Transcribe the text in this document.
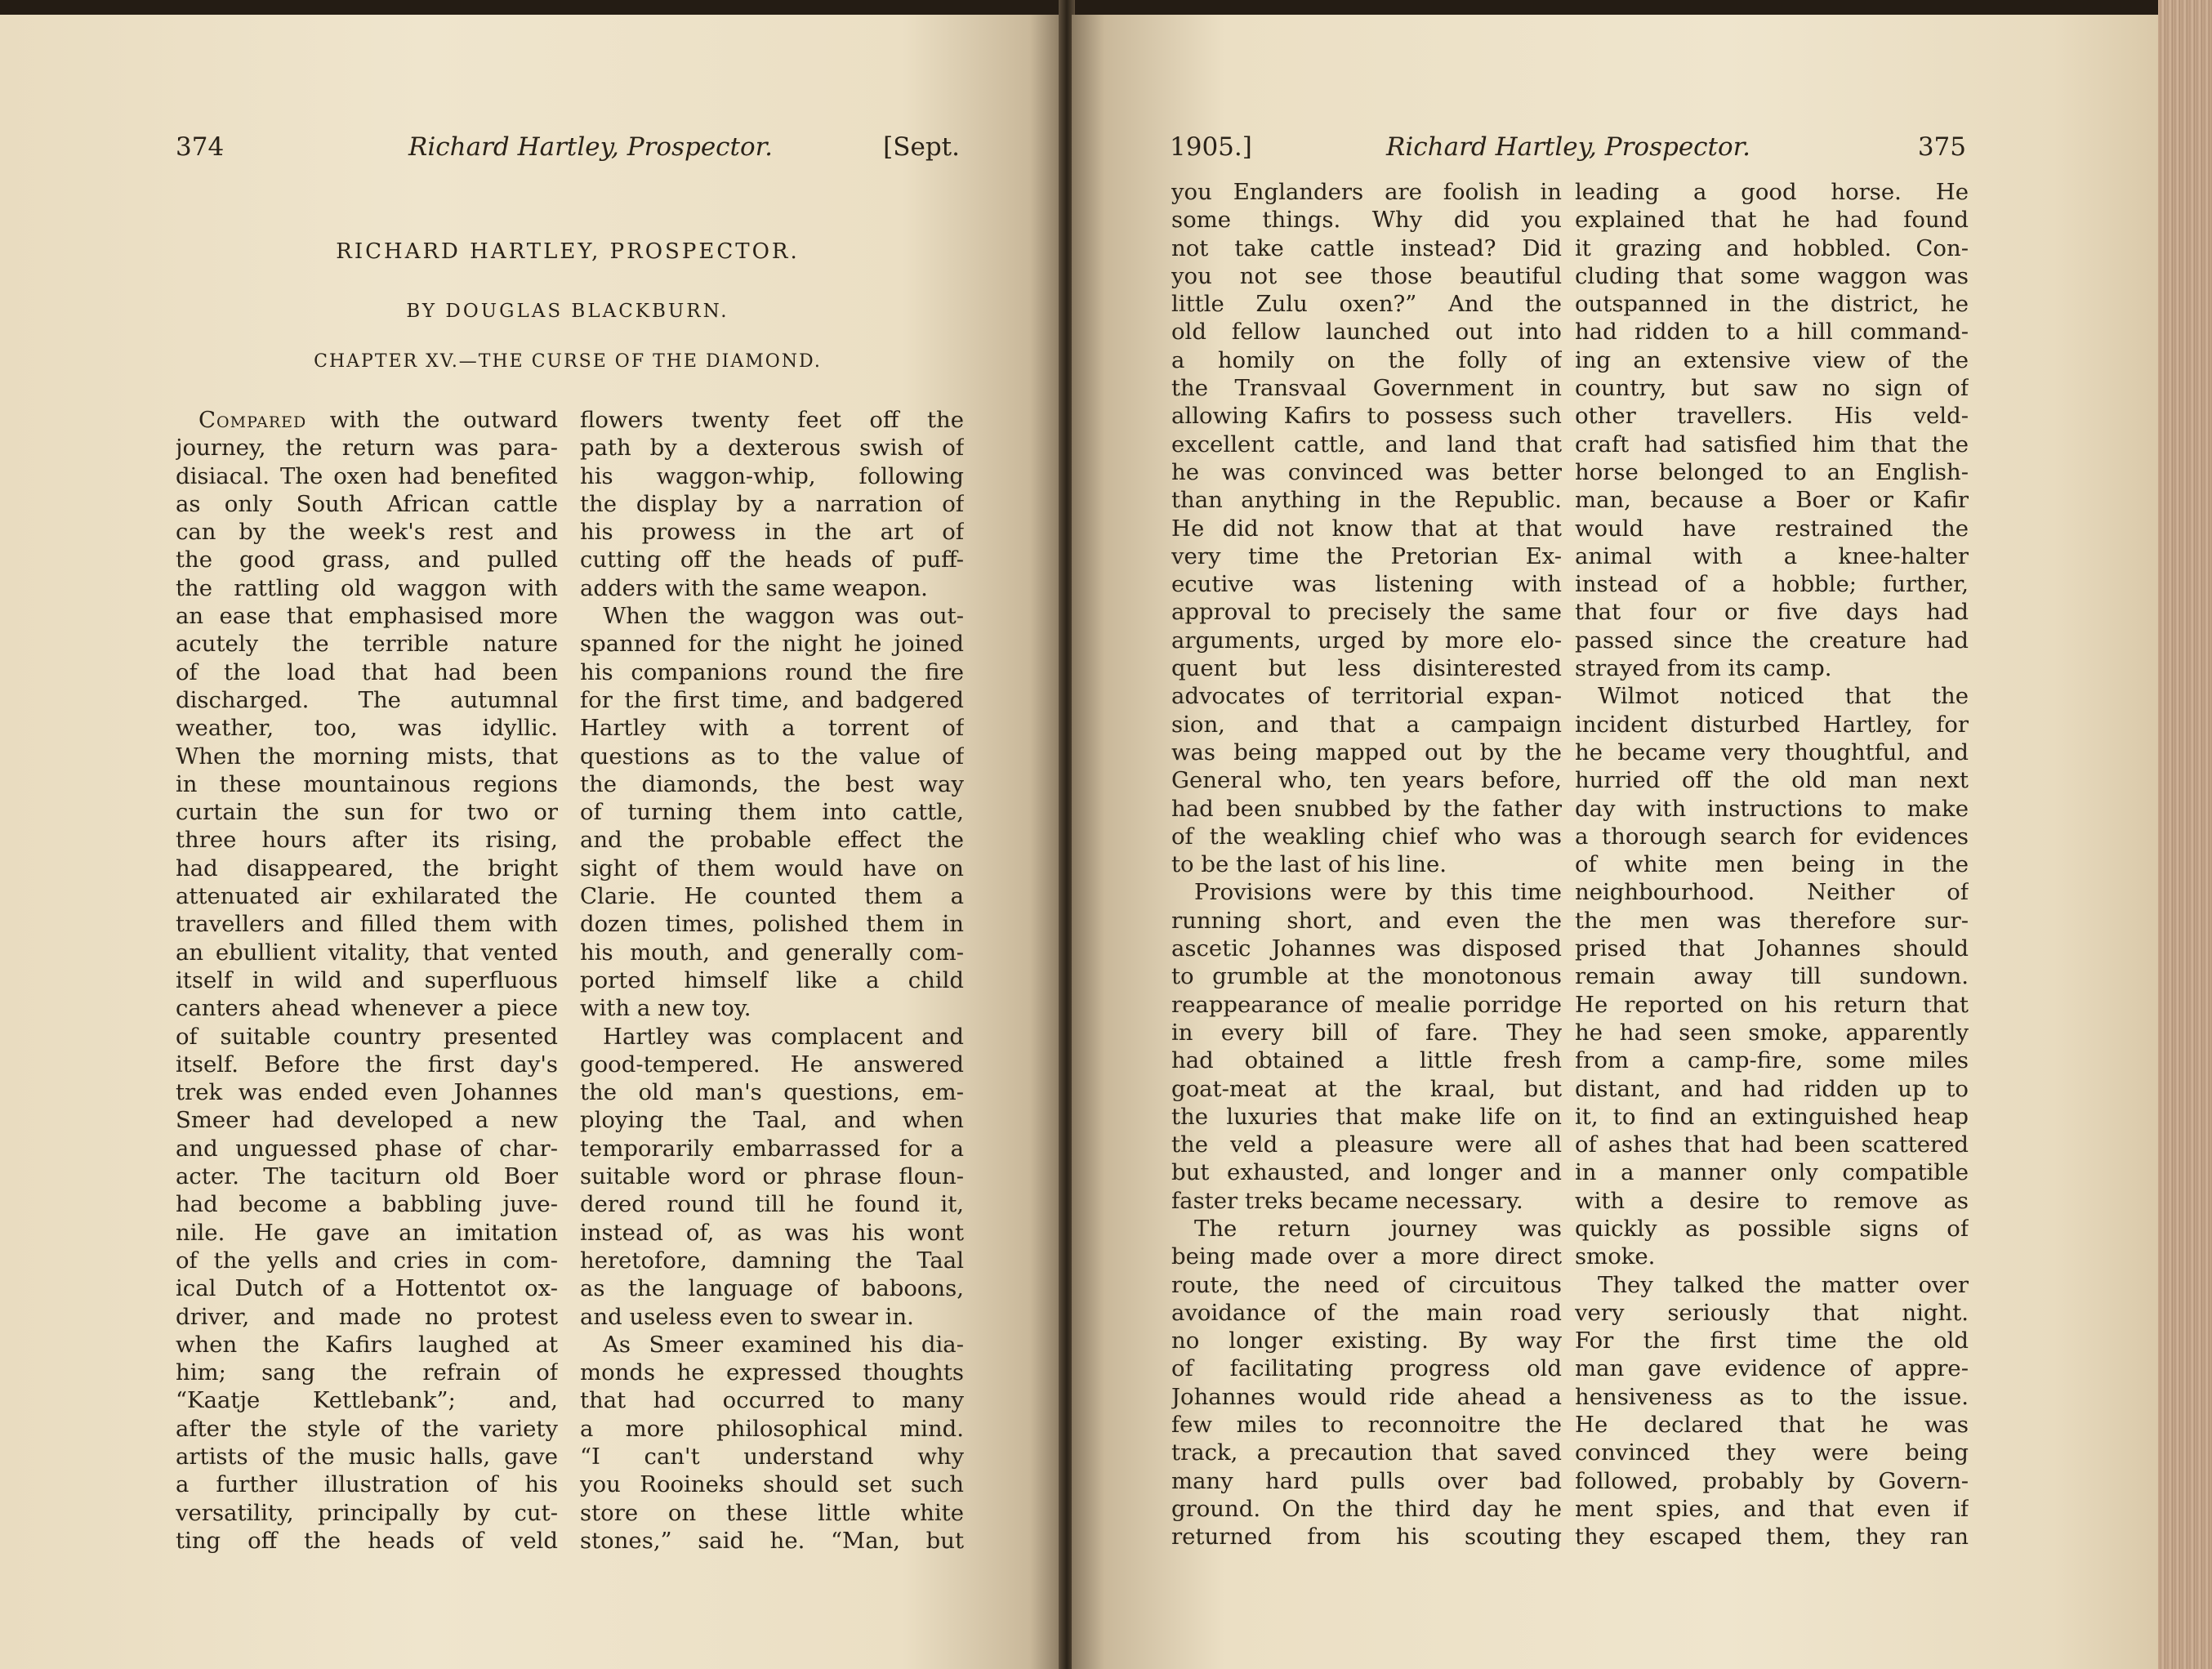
374	Richard Hartley, Prospector.	[Sept.
RICHARD HARTLEY, PROSPECTOR.
BY DOUGLAS BLACKBURN.
CHAPTER XV.—THE CURSE OF THE DIAMOND.
Compared with the outward
journey, the return was para-
disiacal. The oxen had benefited
as only South African cattle
can by the week's rest and
the good grass, and pulled
the rattling old waggon with
an ease that emphasised more
acutely the terrible nature
of the load that had been
discharged. The autumnal
weather, too, was idyllic.
When the morning mists, that
in these mountainous regions
curtain the sun for two or
three hours after its rising,
had disappeared, the bright
attenuated air exhilarated the
travellers and filled them with
an ebullient vitality, that vented
itself in wild and superfluous
canters ahead whenever a piece
of suitable country presented
itself. Before the first day's
trek was ended even Johannes
Smeer had developed a new
and unguessed phase of char-
acter. The taciturn old Boer
had become a babbling juve-
nile. He gave an imitation
of the yells and cries in com-
ical Dutch of a Hottentot ox-
driver, and made no protest
when the Kafirs laughed at
him; sang the refrain of
“Kaatje Kettlebank”; and,
after the style of the variety
artists of the music halls, gave
a further illustration of his
versatility, principally by cut-
ting off the heads of veld
flowers twenty feet off the
path by a dexterous swish of
his waggon-whip, following
the display by a narration of
his prowess in the art of
cutting off the heads of puff-
adders with the same weapon.
When the waggon was out-
spanned for the night he joined
his companions round the fire
for the first time, and badgered
Hartley with a torrent of
questions as to the value of
the diamonds, the best way
of turning them into cattle,
and the probable effect the
sight of them would have on
Clarie. He counted them a
dozen times, polished them in
his mouth, and generally com-
ported himself like a child
with a new toy.
Hartley was complacent and
good-tempered. He answered
the old man's questions, em-
ploying the Taal, and when
temporarily embarrassed for a
suitable word or phrase floun-
dered round till he found it,
instead of, as was his wont
heretofore, damning the Taal
as the language of baboons,
and useless even to swear in.
As Smeer examined his dia-
monds he expressed thoughts
that had occurred to many
a more philosophical mind.
“I can't understand why
you Rooineks should set such
store on these little white
stones,” said he. “Man, but
1905.]	Richard Hartley, Prospector.	375
you Englanders are foolish in
some things. Why did you
not take cattle instead? Did
you not see those beautiful
little Zulu oxen?” And the
old fellow launched out into
a homily on the folly of
the Transvaal Government in
allowing Kafirs to possess such
excellent cattle, and land that
he was convinced was better
than anything in the Republic.
He did not know that at that
very time the Pretorian Ex-
ecutive was listening with
approval to precisely the same
arguments, urged by more elo-
quent but less disinterested
advocates of territorial expan-
sion, and that a campaign
was being mapped out by the
General who, ten years before,
had been snubbed by the father
of the weakling chief who was
to be the last of his line.
Provisions were by this time
running short, and even the
ascetic Johannes was disposed
to grumble at the monotonous
reappearance of mealie porridge
in every bill of fare. They
had obtained a little fresh
goat-meat at the kraal, but
the luxuries that make life on
the veld a pleasure were all
but exhausted, and longer and
faster treks became necessary.
The return journey was
being made over a more direct
route, the need of circuitous
avoidance of the main road
no longer existing. By way
of facilitating progress old
Johannes would ride ahead a
few miles to reconnoitre the
track, a precaution that saved
many hard pulls over bad
ground. On the third day he
returned from his scouting
leading a good horse. He
explained that he had found
it grazing and hobbled. Con-
cluding that some waggon was
outspanned in the district, he
had ridden to a hill command-
ing an extensive view of the
country, but saw no sign of
other travellers. His veld-
craft had satisfied him that the
horse belonged to an English-
man, because a Boer or Kafir
would have restrained the
animal with a knee-halter
instead of a hobble; further,
that four or five days had
passed since the creature had
strayed from its camp.
Wilmot noticed that the
incident disturbed Hartley, for
he became very thoughtful, and
hurried off the old man next
day with instructions to make
a thorough search for evidences
of white men being in the
neighbourhood. Neither of
the men was therefore sur-
prised that Johannes should
remain away till sundown.
He reported on his return that
he had seen smoke, apparently
from a camp-fire, some miles
distant, and had ridden up to
it, to find an extinguished heap
of ashes that had been scattered
in a manner only compatible
with a desire to remove as
quickly as possible signs of
smoke.
They talked the matter over
very seriously that night.
For the first time the old
man gave evidence of appre-
hensiveness as to the issue.
He declared that he was
convinced they were being
followed, probably by Govern-
ment spies, and that even if
they escaped them, they ran
